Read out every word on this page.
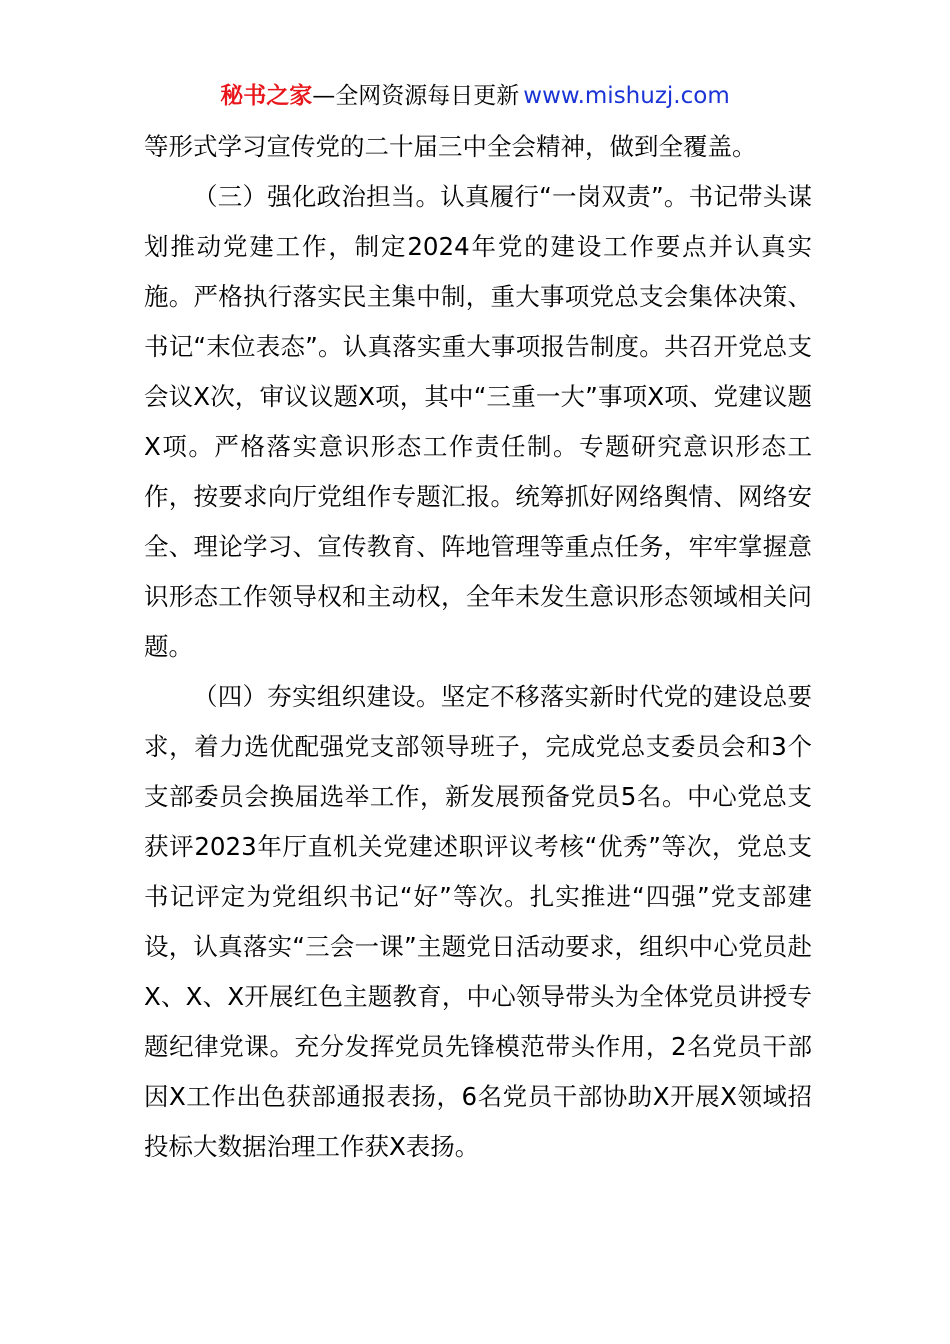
秘书之家—全网资源每日更新 www.mishuzj.com

等形式学习宣传党的二十届三中全会精神，做到全覆盖。

（三）强化政治担当。认真履行“一岗双责”。书记带头谋划推动党建工作，制定2024年党的建设工作要点并认真实施。严格执行落实民主集中制，重大事项党总支会集体决策、书记“末位表态”。认真落实重大事项报告制度。共召开党总支会议X次，审议议题X项，其中“三重一大”事项X项、党建议题X项。严格落实意识形态工作责任制。专题研究意识形态工作，按要求向厅党组作专题汇报。统筹抓好网络舆情、网络安全、理论学习、宣传教育、阵地管理等重点任务，牢牢掌握意识形态工作领导权和主动权，全年未发生意识形态领域相关问题。

（四）夯实组织建设。坚定不移落实新时代党的建设总要求，着力选优配强党支部领导班子，完成党总支委员会和3个支部委员会换届选举工作，新发展预备党员5名。中心党总支获评2023年厅直机关党建述职评议考核“优秀”等次，党总支书记评定为党组织书记“好”等次。扎实推进“四强”党支部建设，认真落实“三会一课”主题党日活动要求，组织中心党员赴X、X、X开展红色主题教育，中心领导带头为全体党员讲授专题纪律党课。充分发挥党员先锋模范带头作用，2名党员干部因X工作出色获部通报表扬，6名党员干部协助X开展X领域招投标大数据治理工作获X表扬。
